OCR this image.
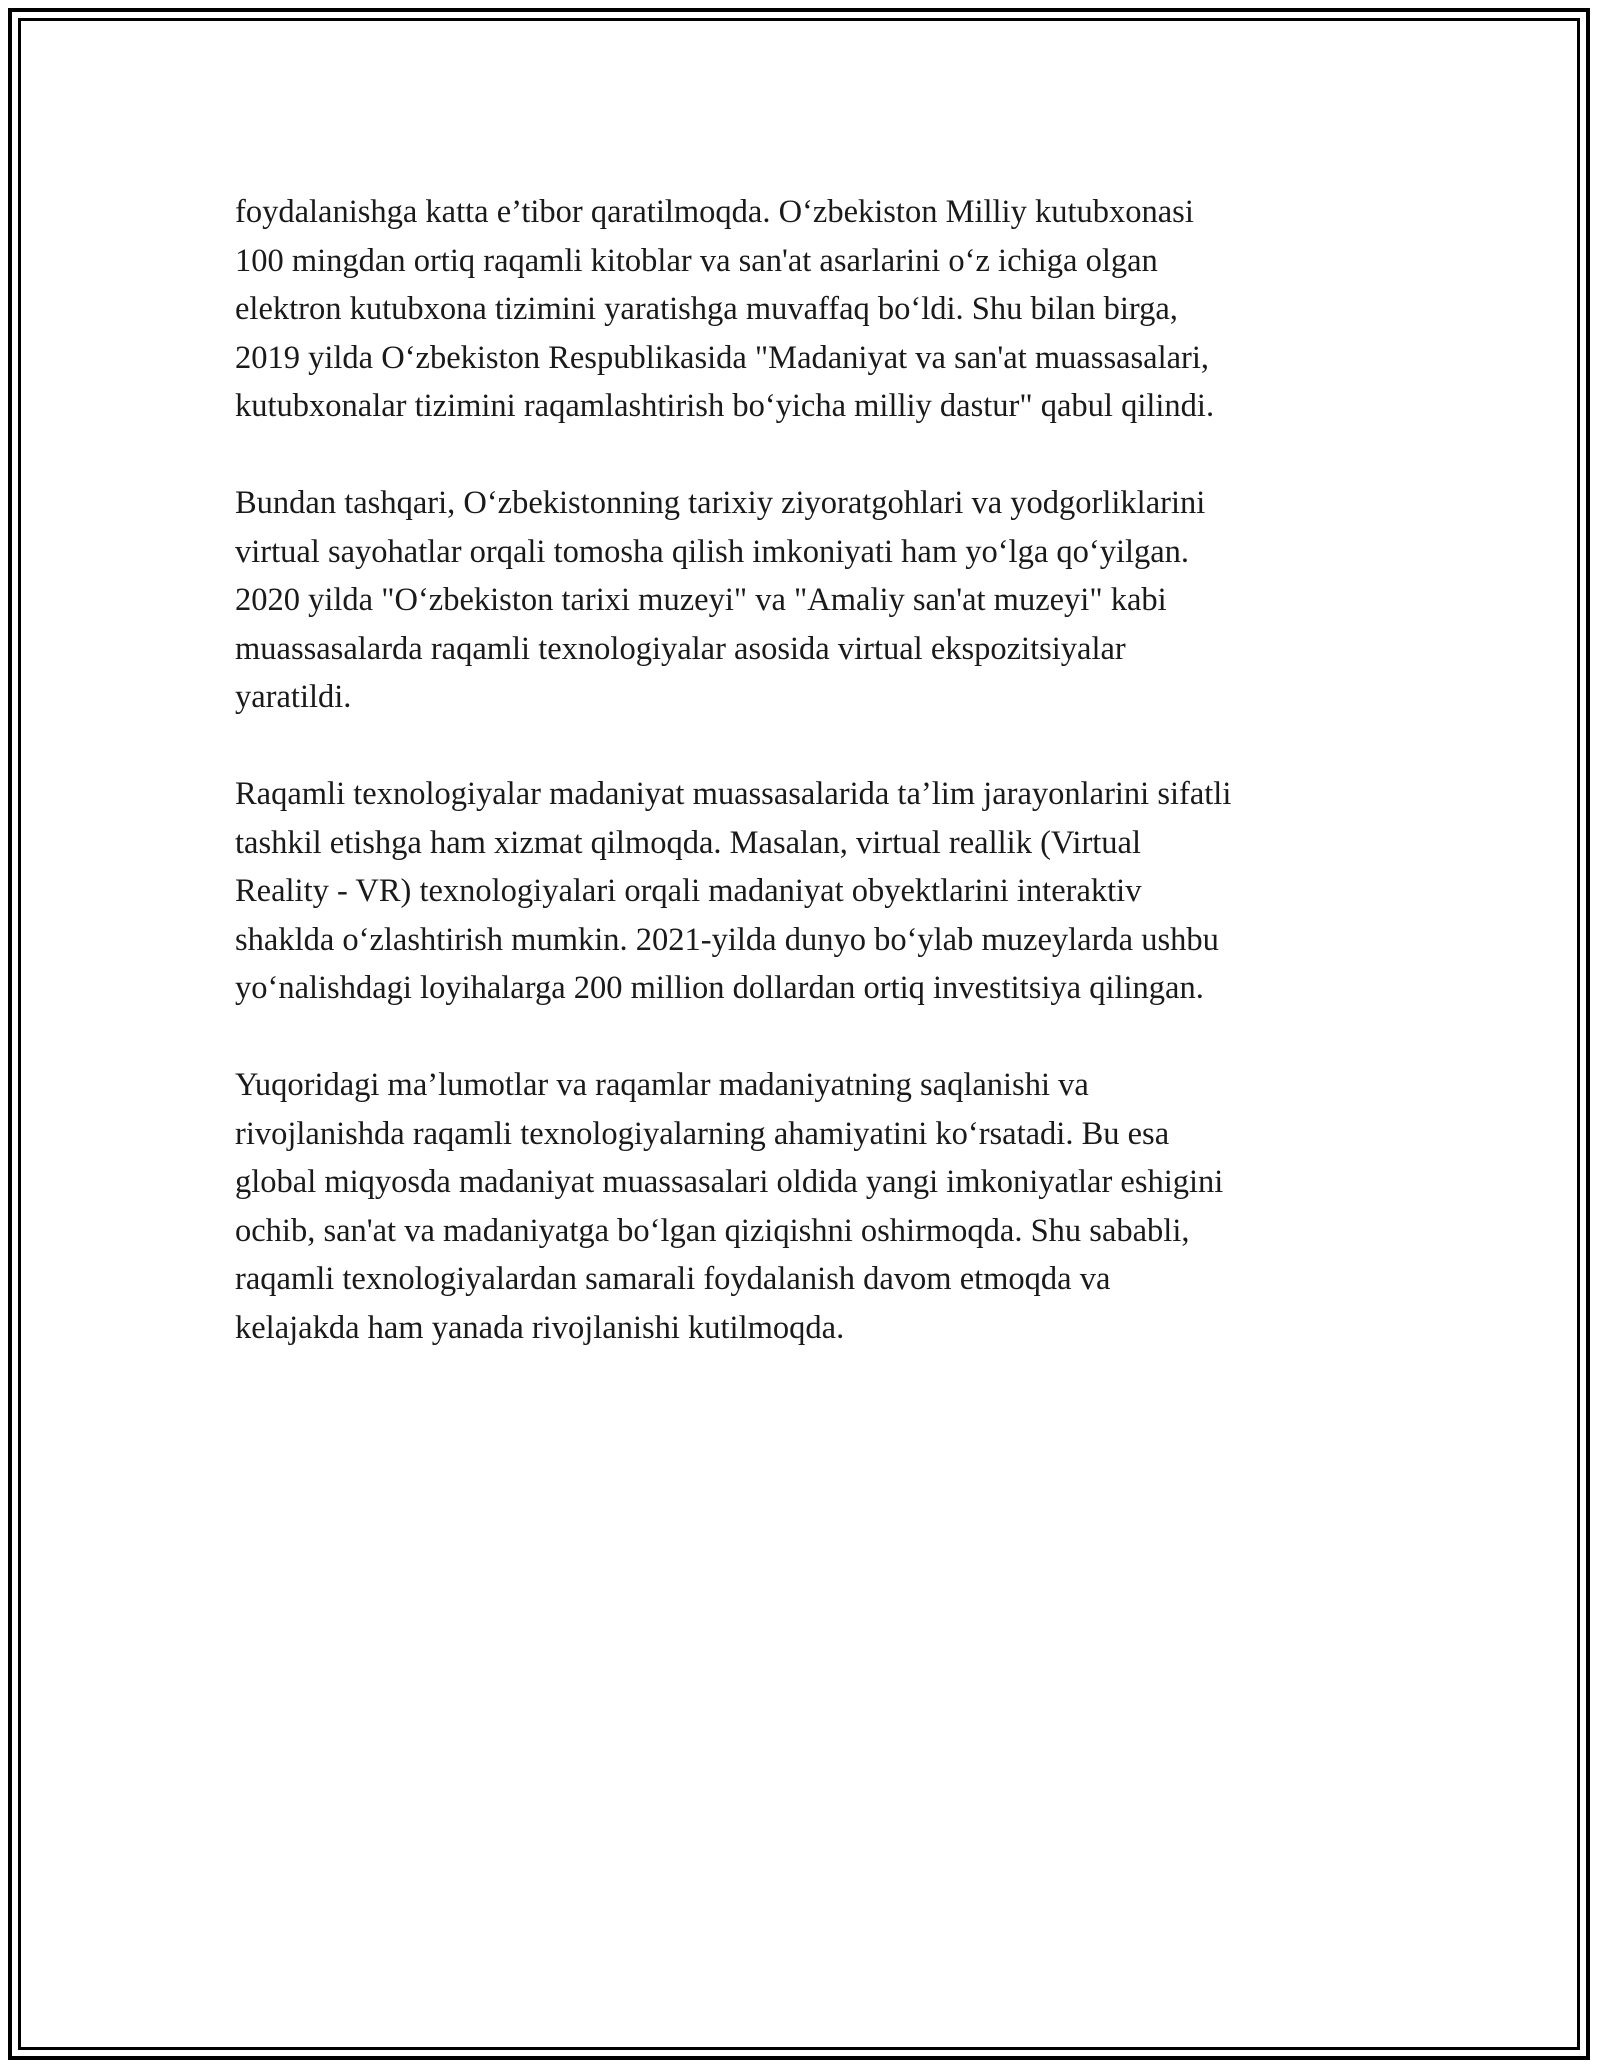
foydalanishga katta e’tibor qaratilmoqda. O‘zbekiston Milliy kutubxonasi
100 mingdan ortiq raqamli kitoblar va san'at asarlarini o‘z ichiga olgan
elektron kutubxona tizimini yaratishga muvaffaq bo‘ldi. Shu bilan birga,
2019 yilda O‘zbekiston Respublikasida "Madaniyat va san'at muassasalari,
kutubxonalar tizimini raqamlashtirish bo‘yicha milliy dastur" qabul qilindi.

Bundan tashqari, O‘zbekistonning tarixiy ziyoratgohlari va yodgorliklarini
virtual sayohatlar orqali tomosha qilish imkoniyati ham yo‘lga qo‘yilgan.
2020 yilda "O‘zbekiston tarixi muzeyi" va "Amaliy san'at muzeyi" kabi
muassasalarda raqamli texnologiyalar asosida virtual ekspozitsiyalar
yaratildi.

Raqamli texnologiyalar madaniyat muassasalarida ta’lim jarayonlarini sifatli
tashkil etishga ham xizmat qilmoqda. Masalan, virtual reallik (Virtual
Reality - VR) texnologiyalari orqali madaniyat obyektlarini interaktiv
shaklda o‘zlashtirish mumkin. 2021-yilda dunyo bo‘ylab muzeylarda ushbu
yo‘nalishdagi loyihalarga 200 million dollardan ortiq investitsiya qilingan.

Yuqoridagi ma’lumotlar va raqamlar madaniyatning saqlanishi va
rivojlanishda raqamli texnologiyalarning ahamiyatini ko‘rsatadi. Bu esa
global miqyosda madaniyat muassasalari oldida yangi imkoniyatlar eshigini
ochib, san'at va madaniyatga bo‘lgan qiziqishni oshirmoqda. Shu sababli,
raqamli texnologiyalardan samarali foydalanish davom etmoqda va
kelajakda ham yanada rivojlanishi kutilmoqda.
